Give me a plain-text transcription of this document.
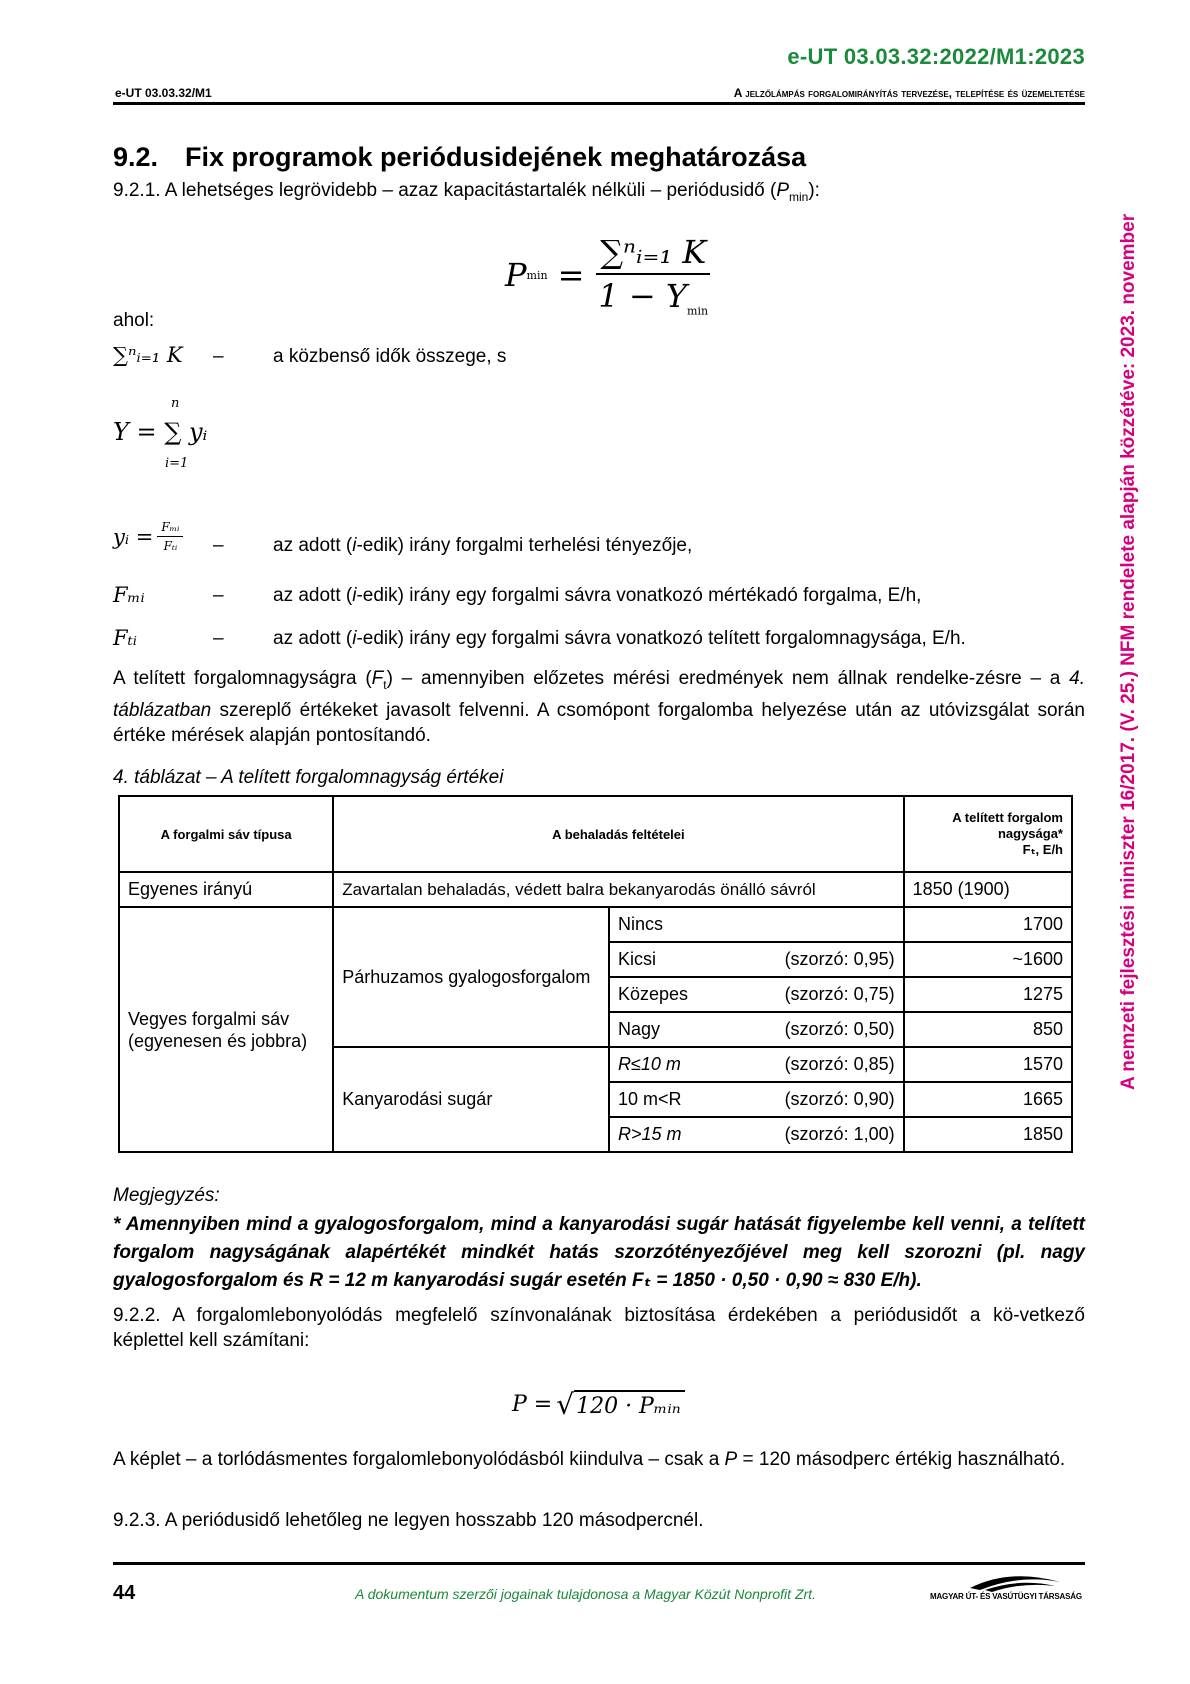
e-UT 03.03.32:2022/M1:2023
e-UT 03.03.32/M1	A jelzőlámpás forgalomirányítás tervezése, telepítése és üzemeltetése
A nemzeti fejlesztési miniszter 16/2017. (V. 25.) NFM rendelete alapján közzétéve: 2023. november
9.2. Fix programok periódusidejének meghatározása
9.2.1. A lehetséges legrövidebb – azaz kapacitástartalék nélküli – periódusidő $(P_{min})$:
P $\min = \frac{\text{∑ⁿᵢ₌₁ K}}{1 - Y_{min}}$
ahol:
∑ⁿᵢ₌₁ K –	a közbenső idők összege, s
n
Y = ∑ yᵢ
i=1
yᵢ = $\frac{\text{Fₘᵢ}}{\text{Fₜᵢ}}$ –	az adott (i-edik) irány forgalmi terhelési tényezője,
Fₘᵢ	–	az adott (i-edik) irány egy forgalmi sávra vonatkozó mértékadó forgalma, E/h,
Fₜᵢ	–	az adott (i-edik) irány egy forgalmi sávra vonatkozó telített forgalomnagysága, E/h.
A telített forgalomnagyságra $(F_t)$ – amennyiben előzetes mérési eredmények nem állnak rendelke-zésre – a 4. táblázatban szereplő értékeket javasolt felvenni. A csomópont forgalomba helyezése után az utóvizsgálat során értéke mérések alapján pontosítandó.
4. táblázat – A telített forgalomnagyság értékei
A forgalmi sáv típusa	A behaladás feltételei		A telített forgalom nagysága*
Fₜ, E/h
Egyenes irányú	Zavartalan behaladás, védett balra bekanyarodás önálló sávról		1850 (1900)
Vegyes forgalmi sáv (egyenesen és jobbra)	Párhuzamos gyalogosforgalom	Nincs	1700
		Kicsi (szorzó: 0,95)	~1600
		Közepes (szorzó: 0,75)	1275
		Nagy (szorzó: 0,50)	850
	Kanyarodási sugár	R≤10 m (szorzó: 0,85)	1570
		10 m<R (szorzó: 0,90)	1665
		R>15 m (szorzó: 1,00)	1850
Megjegyzés:
* Amennyiben mind a gyalogosforgalom, mind a kanyarodási sugár hatását figyelembe kell venni, a telített forgalom nagyságának alapértékét mindkét hatás szorzótényezőjével meg kell szorozni (pl. nagy gyalogosforgalom és R = 12 m kanyarodási sugár esetén Fₜ = 1850 · 0,50 · 0,90 ≈ 830 E/h).
9.2.2. A forgalomlebonyolódás megfelelő színvonalának biztosítása érdekében a periódusidőt a kö-vetkező képlettel kell számítani:
P = √ 120 · Pₘᵢₙ
A képlet – a torlódásmentes forgalomlebonyolódásból kiindulva – csak a P = 120 másodperc értékig használható.
9.2.3. A periódusidő lehetőleg ne legyen hosszabb 120 másodpercnél.
44	A dokumentum szerzői jogainak tulajdonosa a Magyar Közút Nonprofit Zrt.	MAGYAR ÚT- ÉS VASÚTÜGYI TÁRSASÁG
